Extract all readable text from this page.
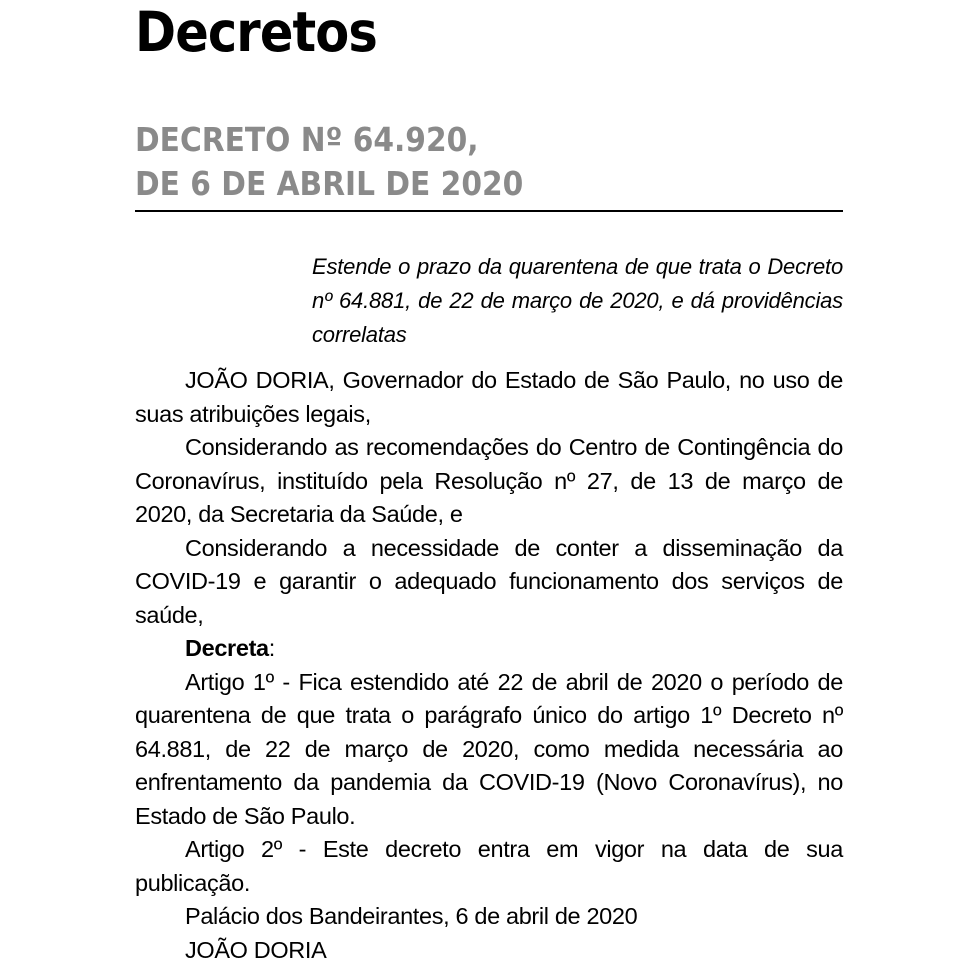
Decretos
DECRETO Nº 64.920,
DE 6 DE ABRIL DE 2020
Estende o prazo da quarentena de que trata o Decreto nº 64.881, de 22 de março de 2020, e dá providências correlatas

JOÃO DORIA, Governador do Estado de São Paulo, no uso de suas atribuições legais,

Considerando as recomendações do Centro de Contingência do Coronavírus, instituído pela Resolução nº 27, de 13 de março de 2020, da Secretaria da Saúde, e

Considerando a necessidade de conter a disseminação da COVID-19 e garantir o adequado funcionamento dos serviços de saúde,

Decreta:

Artigo 1º - Fica estendido até 22 de abril de 2020 o período de quarentena de que trata o parágrafo único do artigo 1º Decreto nº 64.881, de 22 de março de 2020, como medida necessária ao enfrentamento da pandemia da COVID-19 (Novo Coronavírus), no Estado de São Paulo.

Artigo 2º - Este decreto entra em vigor na data de sua publicação.

Palácio dos Bandeirantes, 6 de abril de 2020

JOÃO DORIA
